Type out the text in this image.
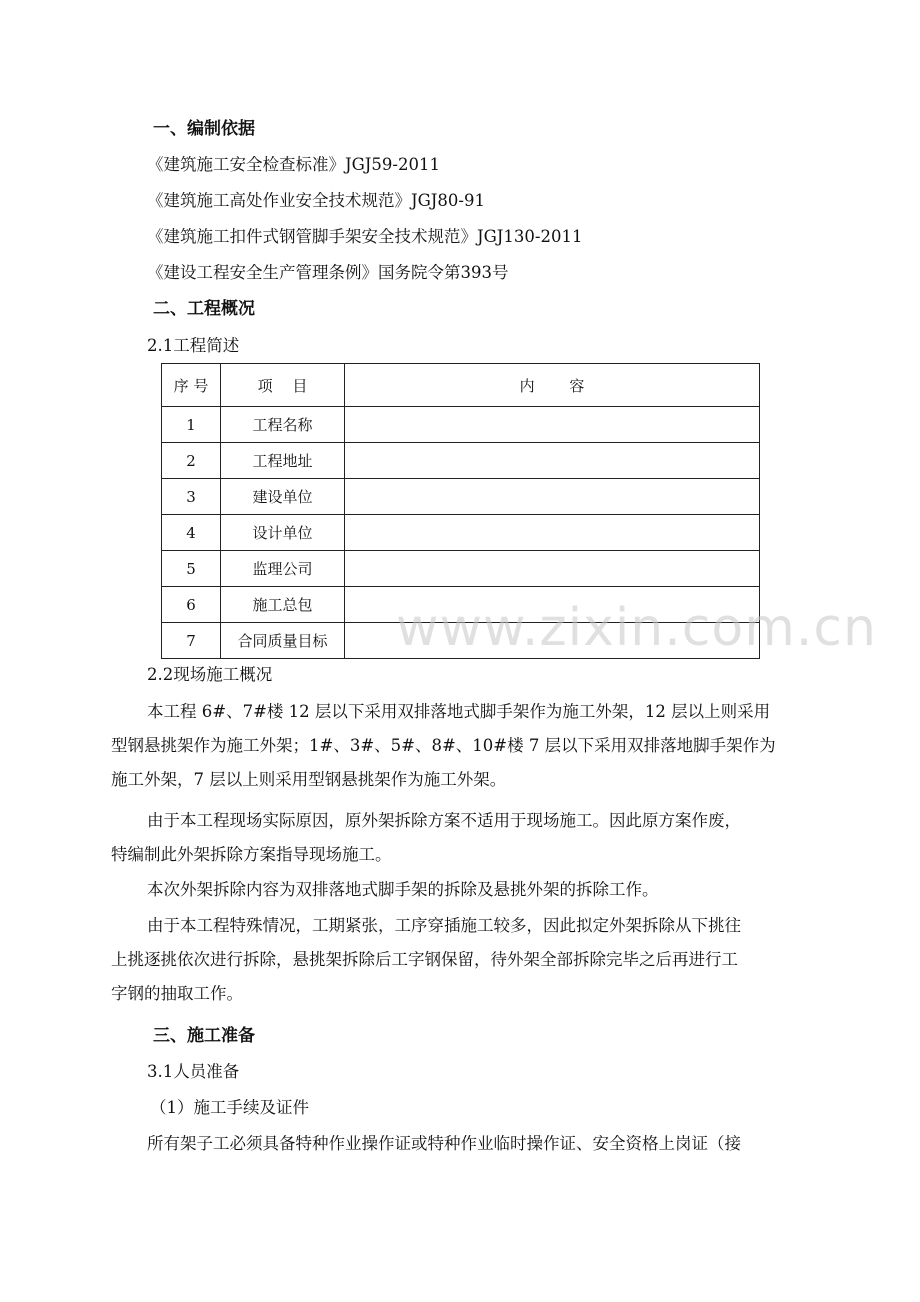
一、编制依据
《建筑施工安全检查标准》JGJ59-2011
《建筑施工高处作业安全技术规范》JGJ80-91
《建筑施工扣件式钢管脚手架安全技术规范》JGJ130-2011
《建设工程安全生产管理条例》国务院令第393号
二、工程概况
2.1工程简述
序 号	项　 目	内　　 容
1	工程名称	
2	工程地址	
3	建设单位	
4	设计单位	
5	监理公司	
6	施工总包	
7	合同质量目标	
2.2现场施工概况
本工程 6#、7#楼 12 层以下采用双排落地式脚手架作为施工外架，12 层以上则采用
型钢悬挑架作为施工外架；1#、3#、5#、8#、10#楼 7 层以下采用双排落地脚手架作为
施工外架，7 层以上则采用型钢悬挑架作为施工外架。
由于本工程现场实际原因，原外架拆除方案不适用于现场施工。因此原方案作废，
特编制此外架拆除方案指导现场施工。
本次外架拆除内容为双排落地式脚手架的拆除及悬挑外架的拆除工作。
由于本工程特殊情况，工期紧张，工序穿插施工较多，因此拟定外架拆除从下挑往
上挑逐挑依次进行拆除，悬挑架拆除后工字钢保留，待外架全部拆除完毕之后再进行工
字钢的抽取工作。
三、施工准备
3.1人员准备
（1）施工手续及证件
所有架子工必须具备特种作业操作证或特种作业临时操作证、安全资格上岗证（接
www.zixin.com.cn
